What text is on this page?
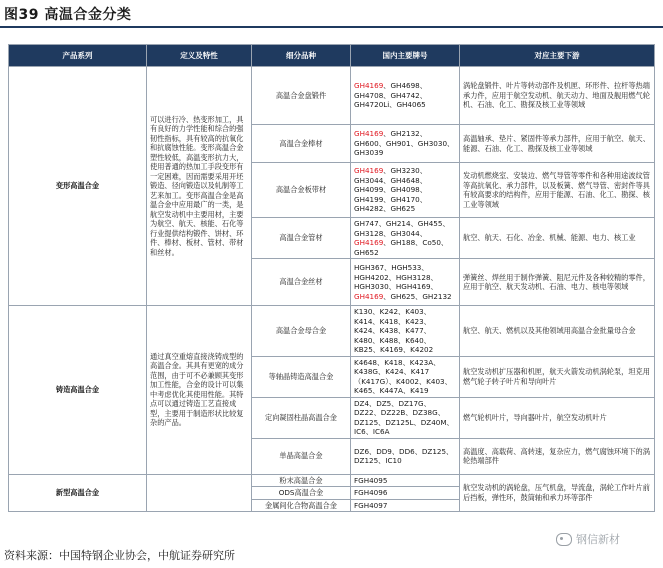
图39 高温合金分类
产品系列	定义及特性	细分品种	国内主要牌号	对应主要下游
变形高温合金	可以进行冷、热变形加工，具有良好的力学性能和综合的强韧性指标，具有较高的抗氧化和抗腐蚀性能。变形高温合金塑性较低，高温变形抗力大，使用普通的热加工手段变形有一定困难，因而需要采用开坯锻造、径向锻造以及轧制等工艺来加工。变形高温合金是高温合金中应用最广的一类，是航空发动机中主要用材，主要为航空、航天、核能、石化等行业提供结构锻件、饼材、环件、棒材、板材、管材、带材和丝材。	高温合金盘锻件	GH4169、GH4698、GH4708、GH4742、GH4720Li、GH4065	涡轮盘锻件、叶片等转动部件及机匣、环形件、拉杆等热端承力件，应用于航空发动机、航天动力、地面及舰用燃气轮机、石油、化工、勘探及核工业等领域
		高温合金棒材	GH4169、GH2132、GH600、GH901、GH3030、GH3039	高温轴承、垫片、紧固件等承力部件，应用于航空、航天、能源、石油、化工、勘探及核工业等领域
		高温合金板带材	GH4169、GH3230、GH3044、GH4648、GH4099、GH4098、GH4199、GH4170、GH4282、GH625	发动机燃烧室、安装边、燃气导管等零件和各种用途波纹管等高抗氧化、承力部件，以及板簧、燃气导管、密封件等具有较高要求的结构件，应用于能源、石油、化工、勘探、核工业等领域
		高温合金管材	GH747、GH214、GH455、GH3128、GH3044、GH4169、GH188、Co50、GH652	航空、航天、石化、冶金、机械、能源、电力、核工业
		高温合金丝材	HGH367、HGH533、HGH4202、HGH3128、HGH3030、HGH4169、GH4169、GH625、GH2132	弹簧丝、焊丝用于制作弹簧、阻尼元件及各种较精的零件，应用于航空、航天发动机、石油、电力、核电等领域
铸造高温合金	通过真空重熔直接浇铸成型的高温合金。其具有更宽的成分范围，由于可不必兼顾其变形加工性能，合金的设计可以集中考虑优化其使用性能。其特点可以通过铸造工艺直接成型，主要用于制造形状比较复杂的产品。	高温合金母合金	K130、K242、K403、K414、K418、K423、K424、K438、K477、K480、K488、K640、KB25、K4169、K4202	航空、航天、燃机以及其他领域用高温合金批量母合金
		等轴晶铸造高温合金	K4648、K418、K423A、K438G、K424、K417（K417G）、K4002、K403、K465、K447A、K419	航空发动机扩压器和机匣，航天火箭发动机涡轮泵，坦克用燃气轮子转子叶片和导向叶片
		定向凝固柱晶高温合金	DZ4、DZ5、DZ17G、DZ22、DZ22B、DZ38G、DZ125、DZ125L、DZ40M、IC6、IC6A	燃气轮机叶片，导向器叶片，航空发动机叶片
		单晶高温合金	DZ6、DD9、DD6、DZ125、DZ125、IC10	高温度、高载荷、高转速，复杂应力，燃气腐蚀环境下的涡轮热端部件
新型高温合金		粉末高温合金	FGH4095	航空发动机的涡轮盘，压气机盘，导流盘，涡轮工作叶片前后挡板，弹性环，鼓筒轴和承力环等部件
		ODS高温合金	FGH4096	
		金属间化合物高温合金	FGH4097	
资料来源：中国特钢企业协会，中航证券研究所
钢信新材
